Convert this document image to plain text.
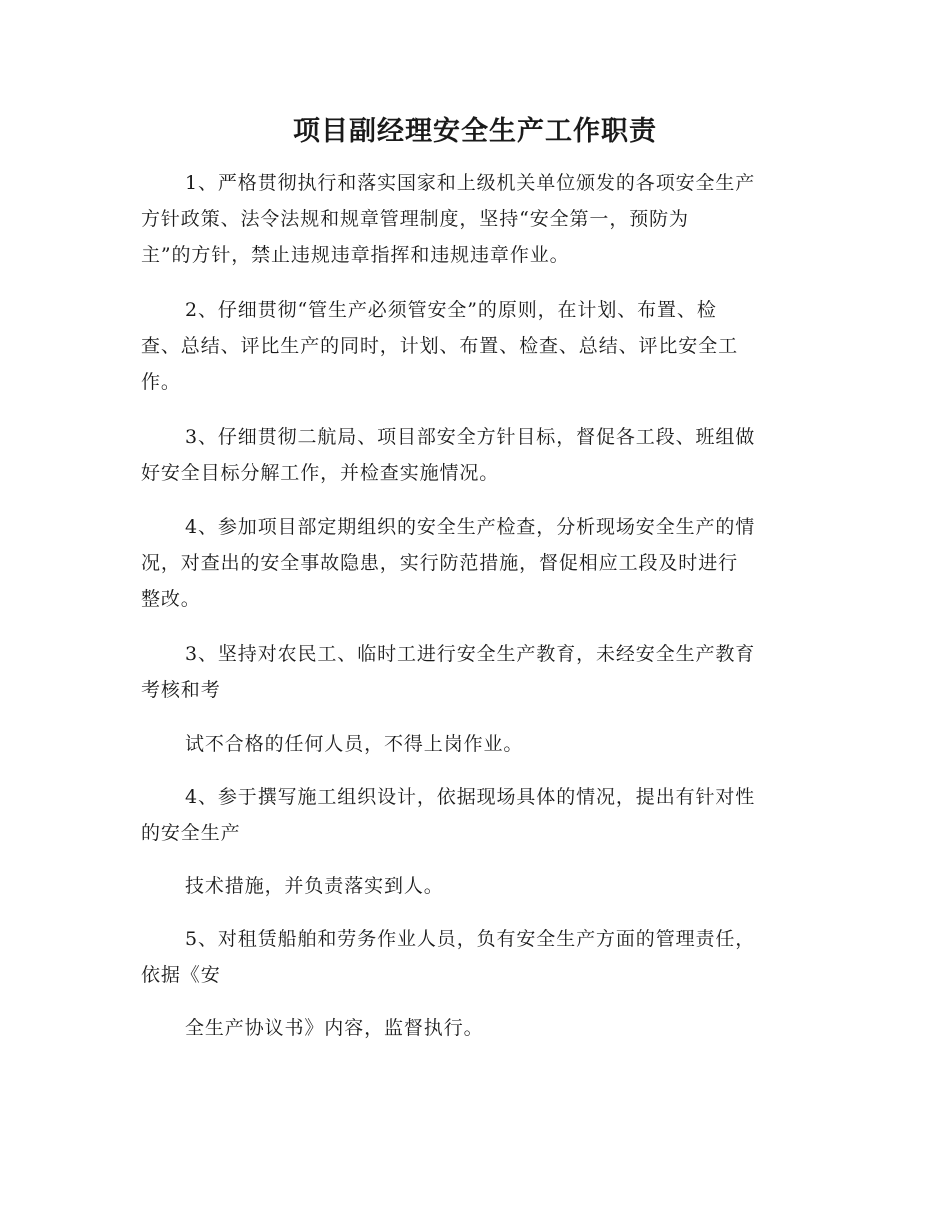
项目副经理安全生产工作职责

1、严格贯彻执行和落实国家和上级机关单位颁发的各项安全生产
方针政策、法令法规和规章管理制度，坚持“安全第一，预防为
主”的方针，禁止违规违章指挥和违规违章作业。

2、仔细贯彻“管生产必须管安全”的原则，在计划、布置、检
查、总结、评比生产的同时，计划、布置、检查、总结、评比安全工
作。

3、仔细贯彻二航局、项目部安全方针目标，督促各工段、班组做
好安全目标分解工作，并检查实施情况。

4、参加项目部定期组织的安全生产检查，分析现场安全生产的情
况，对查出的安全事故隐患，实行防范措施，督促相应工段及时进行
整改。

3、坚持对农民工、临时工进行安全生产教育，未经安全生产教育
考核和考

试不合格的任何人员，不得上岗作业。

4、参于撰写施工组织设计，依据现场具体的情况，提出有针对性
的安全生产

技术措施，并负责落实到人。

5、对租赁船舶和劳务作业人员，负有安全生产方面的管理责任，
依据《安

全生产协议书》内容，监督执行。
